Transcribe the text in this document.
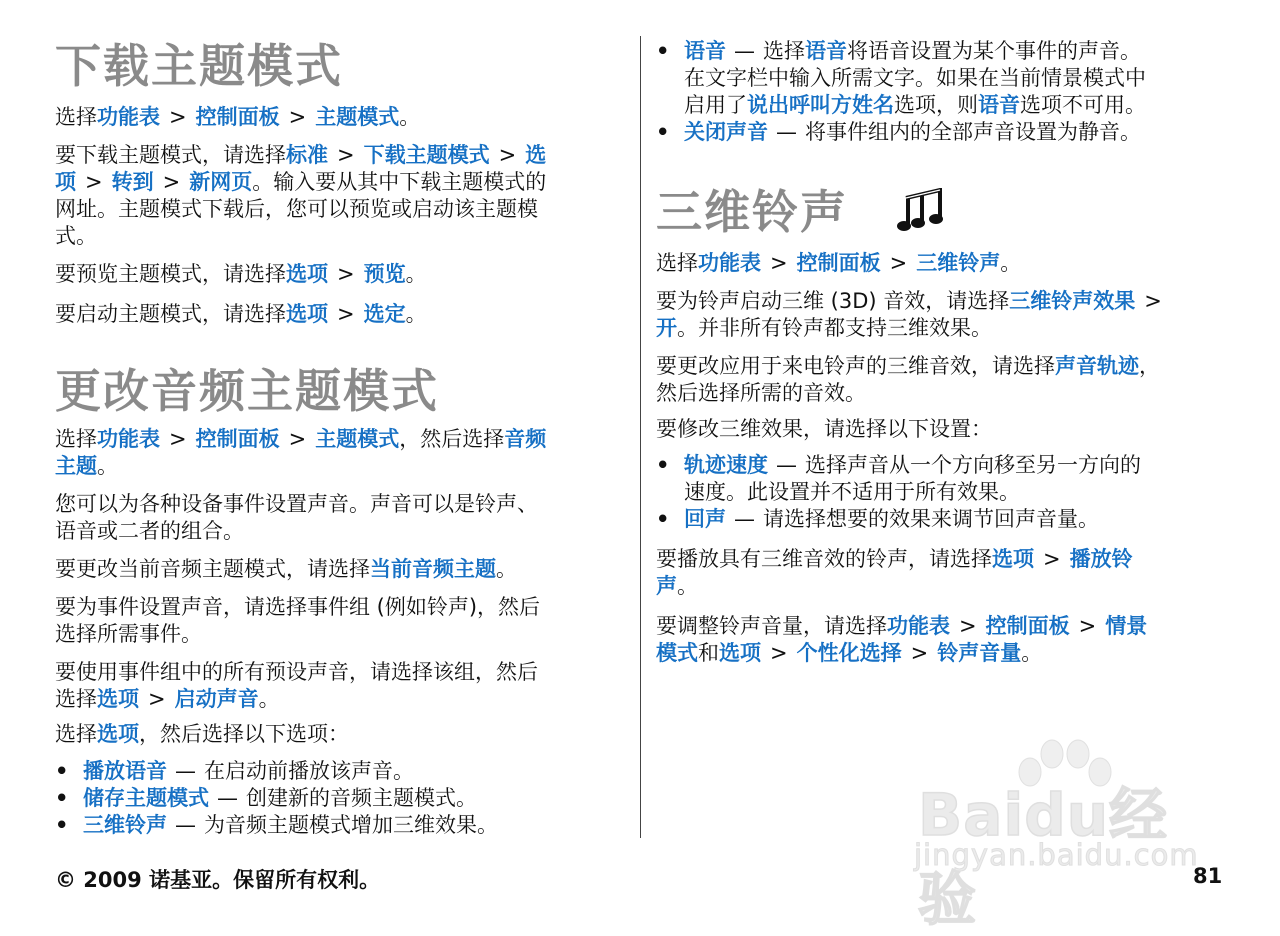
下载主题模式

选择功能表 > 控制面板 > 主题模式。

要下载主题模式，请选择标准 > 下载主题模式 > 选
项 > 转到 > 新网页。输入要从其中下载主题模式的
网址。主题模式下载后，您可以预览或启动该主题模
式。

要预览主题模式，请选择选项 > 预览。

要启动主题模式，请选择选项 > 选定。

更改音频主题模式

选择功能表 > 控制面板 > 主题模式，然后选择音频
主题。

您可以为各种设备事件设置声音。声音可以是铃声、
语音或二者的组合。

要更改当前音频主题模式，请选择当前音频主题。

要为事件设置声音，请选择事件组 (例如铃声)，然后
选择所需事件。

要使用事件组中的所有预设声音，请选择该组，然后
选择选项 > 启动声音。

选择选项，然后选择以下选项：

• 播放语音 — 在启动前播放该声音。
• 储存主题模式 — 创建新的音频主题模式。
• 三维铃声 — 为音频主题模式增加三维效果。
• 语音 — 选择语音将语音设置为某个事件的声音。
在文字栏中输入所需文字。如果在当前情景模式中
启用了说出呼叫方姓名选项，则语音选项不可用。
• 关闭声音 — 将事件组内的全部声音设置为静音。
三维铃声

选择功能表 > 控制面板 > 三维铃声。

要为铃声启动三维 (3D) 音效，请选择三维铃声效果 >
开。并非所有铃声都支持三维效果。

要更改应用于来电铃声的三维音效，请选择声音轨迹，
然后选择所需的音效。

要修改三维效果，请选择以下设置：

• 轨迹速度 — 选择声音从一个方向移至另一方向的
速度。此设置并不适用于所有效果。
• 回声 — 请选择想要的效果来调节回声音量。

要播放具有三维音效的铃声，请选择选项 > 播放铃
声。

要调整铃声音量，请选择功能表 > 控制面板 > 情景
模式和选项 > 个性化选择 > 铃声音量。

Baidu经验
jingyan.baidu.com
© 2009 诺基亚。保留所有权利。	81
